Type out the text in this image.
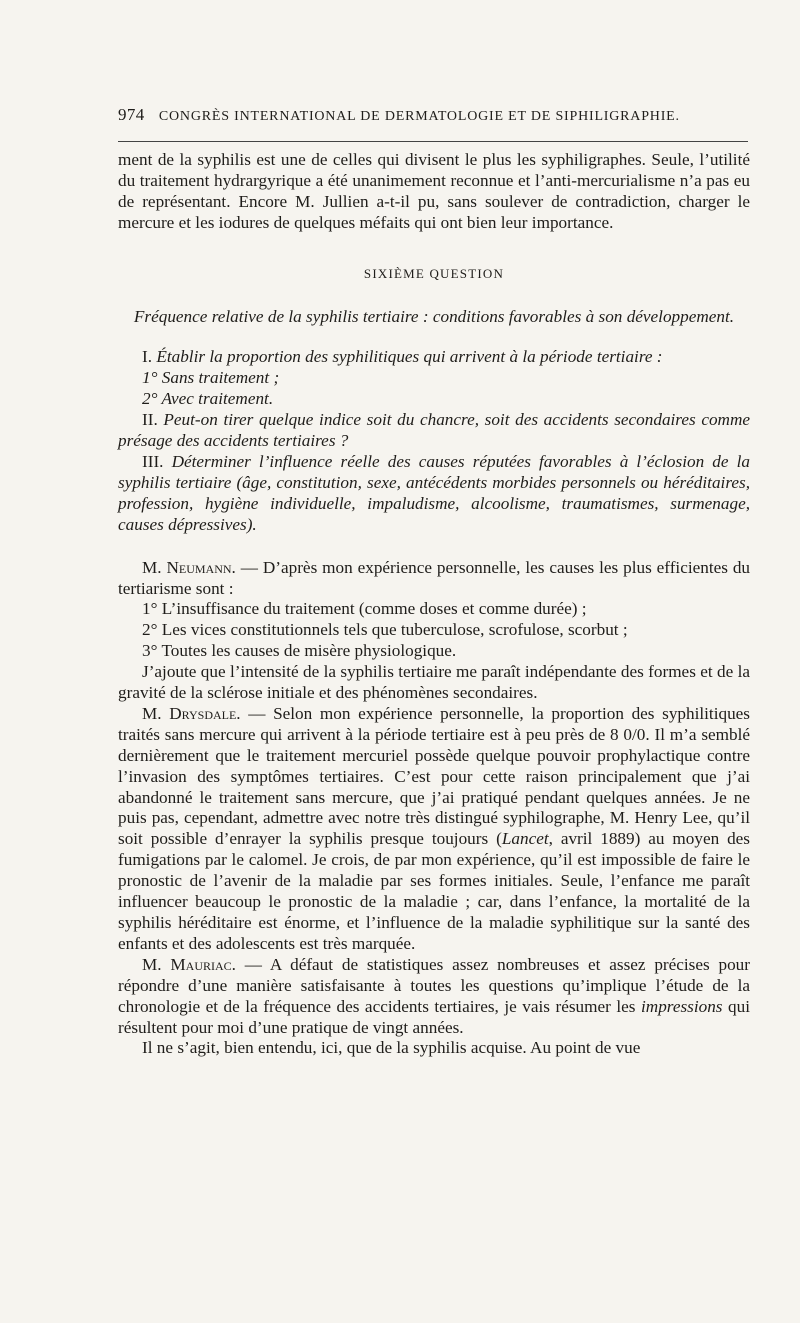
974 CONGRÈS INTERNATIONAL DE DERMATOLOGIE ET DE SIPHILIGRAPHIE.

ment de la syphilis est une de celles qui divisent le plus les syphiligraphes. Seule, l’utilité du traitement hydrargyrique a été unanimement reconnue et l’anti-mercurialisme n’a pas eu de représentant. Encore M. Jullien a-t-il pu, sans soulever de contradiction, charger le mercure et les iodures de quelques méfaits qui ont bien leur importance.

SIXIÈME QUESTION

Fréquence relative de la syphilis tertiaire : conditions favorables à son développement.

I. Établir la proportion des syphilitiques qui arrivent à la période tertiaire :

1° Sans traitement ;

2° Avec traitement.

II. Peut-on tirer quelque indice soit du chancre, soit des accidents secondaires comme présage des accidents tertiaires ?

III. Déterminer l’influence réelle des causes réputées favorables à l’éclosion de la syphilis tertiaire (âge, constitution, sexe, antécédents morbides personnels ou héréditaires, profession, hygiène individuelle, impaludisme, alcoolisme, traumatismes, surmenage, causes dépressives).

M. Neumann. — D’après mon expérience personnelle, les causes les plus efficientes du tertiarisme sont :

1° L’insuffisance du traitement (comme doses et comme durée) ;

2° Les vices constitutionnels tels que tuberculose, scrofulose, scorbut ;

3° Toutes les causes de misère physiologique.

J’ajoute que l’intensité de la syphilis tertiaire me paraît indépendante des formes et de la gravité de la sclérose initiale et des phénomènes secondaires.

M. Drysdale. — Selon mon expérience personnelle, la proportion des syphilitiques traités sans mercure qui arrivent à la période tertiaire est à peu près de 8 0/0. Il m’a semblé dernièrement que le traitement mercuriel possède quelque pouvoir prophylactique contre l’invasion des symptômes tertiaires. C’est pour cette raison principalement que j’ai abandonné le traitement sans mercure, que j’ai pratiqué pendant quelques années. Je ne puis pas, cependant, admettre avec notre très distingué syphilographe, M. Henry Lee, qu’il soit possible d’enrayer la syphilis presque toujours (Lancet, avril 1889) au moyen des fumigations par le calomel. Je crois, de par mon expérience, qu’il est impossible de faire le pronostic de l’avenir de la maladie par ses formes initiales. Seule, l’enfance me paraît influencer beaucoup le pronostic de la maladie ; car, dans l’enfance, la mortalité de la syphilis héréditaire est énorme, et l’influence de la maladie syphilitique sur la santé des enfants et des adolescents est très marquée.

M. Mauriac. — A défaut de statistiques assez nombreuses et assez précises pour répondre d’une manière satisfaisante à toutes les questions qu’implique l’étude de la chronologie et de la fréquence des accidents tertiaires, je vais résumer les impressions qui résultent pour moi d’une pratique de vingt années.

Il ne s’agit, bien entendu, ici, que de la syphilis acquise. Au point de vue
